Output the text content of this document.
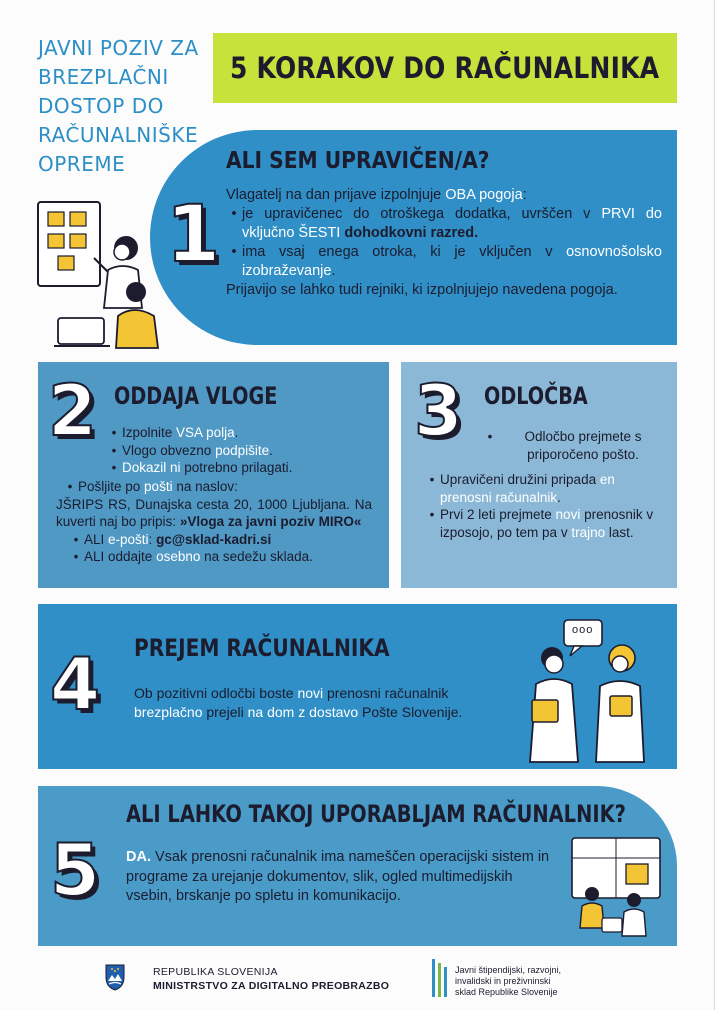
JAVNI POZIV ZA
BREZPLAČNI
DOSTOP DO
RAČUNALNIŠKE
OPREME
5 KORAKOV DO RAČUNALNIKA
1
ALI SEM UPRAVIČEN/A?
Vlagatelj na dan prijave izpolnjuje OBA pogoja:
• je upravičenec do otroškega dodatka, uvrščen v PRVI do vključno ŠESTI dohodkovni razred.
• ima vsaj enega otroka, ki je vključen v osnovnošolsko izobraževanje.
Prijavijo se lahko tudi rejniki, ki izpolnjujejo navedena pogoja.
2 ODDAJA VLOGE
• Izpolnite VSA polja.
• Vlogo obvezno podpišite.
• Dokazil ni potrebno prilagati.
• Pošljite po pošti na naslov:
JŠRIPS RS, Dunajska cesta 20, 1000 Ljubljana. Na kuverti naj bo pripis: »Vloga za javni poziv MIRO«
• ALI e-pošti: gc@sklad-kadri.si
• ALI oddajte osebno na sedežu sklada.
3 ODLOČBA
•	Odločbo prejmete s priporočeno pošto.
• Upravičeni družini pripada en prenosni računalnik.
• Prvi 2 leti prejmete novi prenosnik v izposojo, po tem pa v trajno last.
4 PREJEM RAČUNALNIKA
Ob pozitivni odločbi boste novi prenosni računalnik brezplačno prejeli na dom z dostavo Pošte Slovenije.
ooo
5
ALI LAHKO TAKOJ UPORABLJAM RAČUNALNIK?
DA. Vsak prenosni računalnik ima nameščen operacijski sistem in programe za urejanje dokumentov, slik, ogled multimedijskih vsebin, brskanje po spletu in komunikacijo.
REPUBLIKA SLOVENIJA
MINISTRSTVO ZA DIGITALNO PREOBRAZBO
Javni štipendijski, razvojni,
invalidski in preživninski
sklad Republike Slovenije
